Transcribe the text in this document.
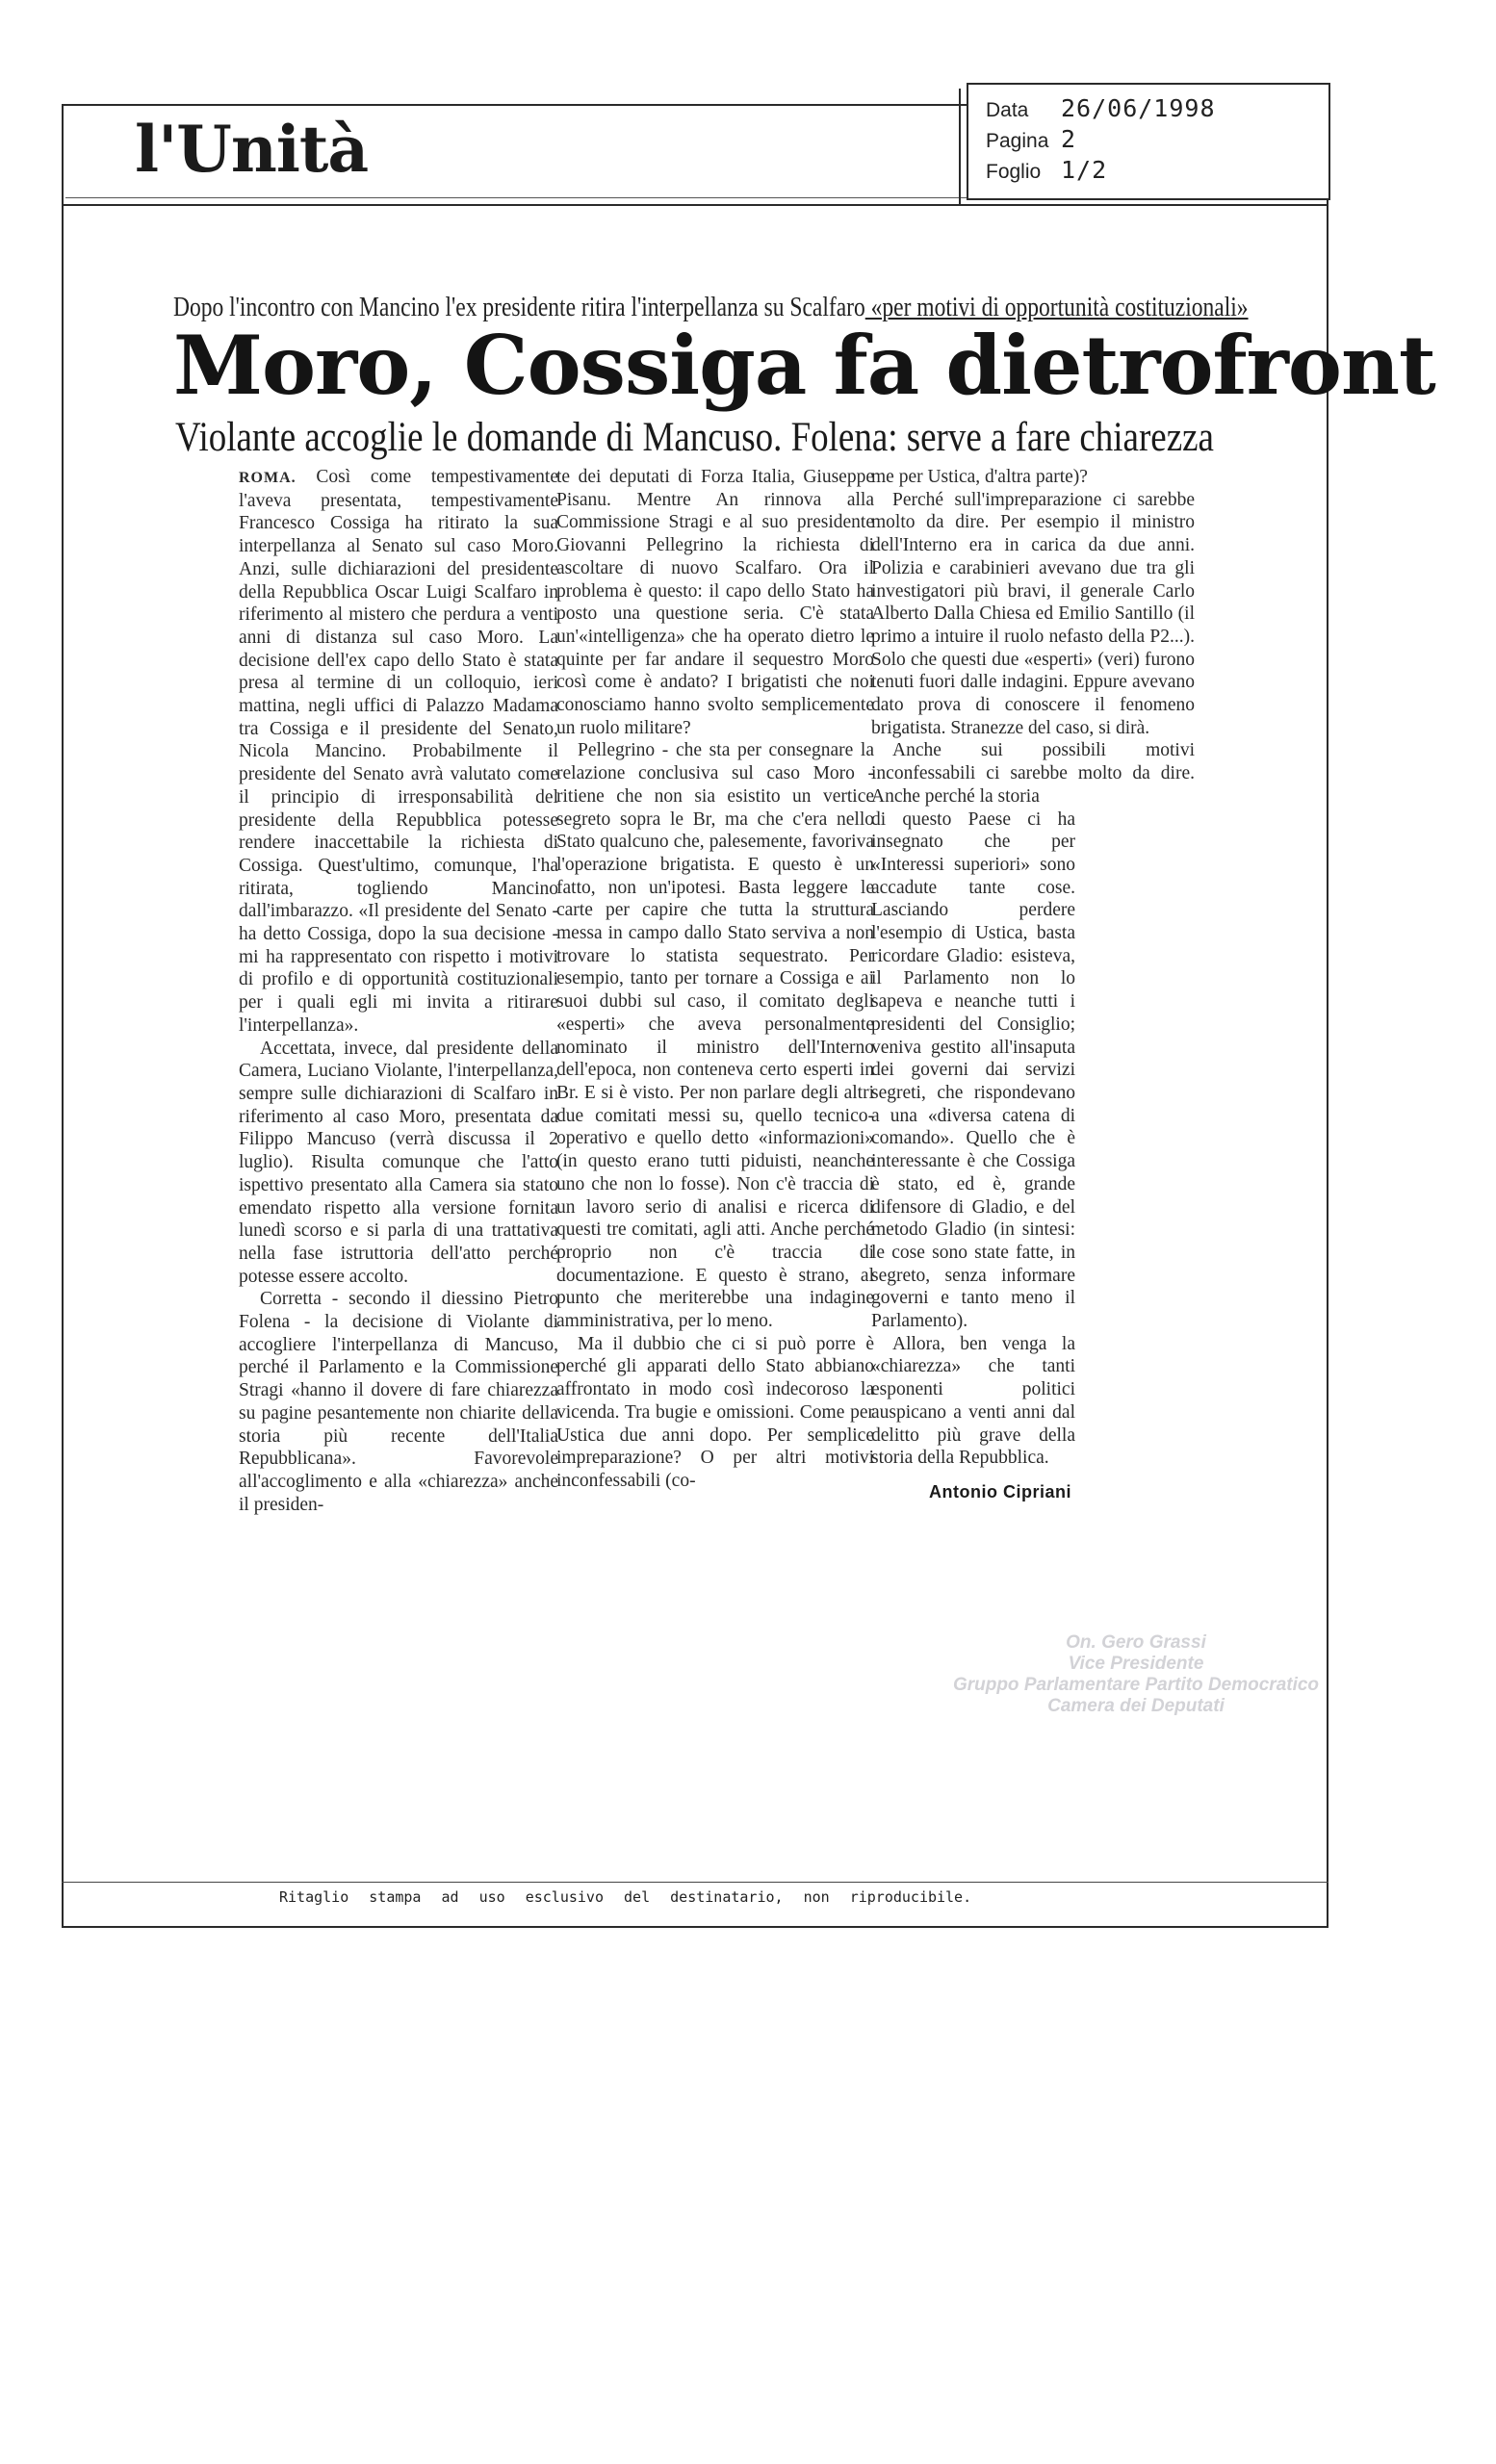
l'Unità
Data 26/06/1998
Pagina 2
Foglio 1/2
Dopo l'incontro con Mancino l'ex presidente ritira l'interpellanza su Scalfaro «per motivi di opportunità costituzionali»
Moro, Cossiga fa dietrofront
Violante accoglie le domande di Mancuso. Folena: serve a fare chiarezza

ROMA. Così come tempestivamente l'aveva presentata, tempestivamente Francesco Cossiga ha ritirato la sua interpellanza al Senato sul caso Moro. Anzi, sulle dichiarazioni del presidente della Repubblica Oscar Luigi Scalfaro in riferimento al mistero che perdura a venti anni di distanza sul caso Moro. La decisione dell'ex capo dello Stato è stata presa al termine di un colloquio, ieri mattina, negli uffici di Palazzo Madama tra Cossiga e il presidente del Senato, Nicola Mancino. Probabilmente il presidente del Senato avrà valutato come il principio di irresponsabilità del presidente della Repubblica potesse rendere inaccettabile la richiesta di Cossiga. Quest'ultimo, comunque, l'ha ritirata, togliendo Mancino dall'imbarazzo. «Il presidente del Senato - ha detto Cossiga, dopo la sua decisione - mi ha rappresentato con rispetto i motivi di profilo e di opportunità costituzionali per i quali egli mi invita a ritirare l'interpellanza».

Accettata, invece, dal presidente della Camera, Luciano Violante, l'interpellanza, sempre sulle dichiarazioni di Scalfaro in riferimento al caso Moro, presentata da Filippo Mancuso (verrà discussa il 2 luglio). Risulta comunque che l'atto ispettivo presentato alla Camera sia stato emendato rispetto alla versione fornita lunedì scorso e si parla di una trattativa nella fase istruttoria dell'atto perché potesse essere accolto.

Corretta - secondo il diessino Pietro Folena - la decisione di Violante di accogliere l'interpellanza di Mancuso, perché il Parlamento e la Commissione Stragi «hanno il dovere di fare chiarezza su pagine pesantemente non chiarite della storia più recente dell'Italia Repubblicana». Favorevole all'accoglimento e alla «chiarezza» anche il presiden-

te dei deputati di Forza Italia, Giuseppe Pisanu. Mentre An rinnova alla Commissione Stragi e al suo presidente Giovanni Pellegrino la richiesta di ascoltare di nuovo Scalfaro. Ora il problema è questo: il capo dello Stato ha posto una questione seria. C'è stata un'«intelligenza» che ha operato dietro le quinte per far andare il sequestro Moro così come è andato? I brigatisti che noi conosciamo hanno svolto semplicemente un ruolo militare?

Pellegrino - che sta per consegnare la relazione conclusiva sul caso Moro - ritiene che non sia esistito un vertice segreto sopra le Br, ma che c'era nello Stato qualcuno che, palesemente, favoriva l'operazione brigatista. E questo è un fatto, non un'ipotesi. Basta leggere le carte per capire che tutta la struttura messa in campo dallo Stato serviva a non trovare lo statista sequestrato. Per esempio, tanto per tornare a Cossiga e ai suoi dubbi sul caso, il comitato degli «esperti» che aveva personalmente nominato il ministro dell'Interno dell'epoca, non conteneva certo esperti in Br. E si è visto. Per non parlare degli altri due comitati messi su, quello tecnico-operativo e quello detto «informazioni» (in questo erano tutti piduisti, neanche uno che non lo fosse). Non c'è traccia di un lavoro serio di analisi e ricerca di questi tre comitati, agli atti. Anche perché proprio non c'è traccia di documentazione. E questo è strano, al punto che meriterebbe una indagine amministrativa, per lo meno.

Ma il dubbio che ci si può porre è perché gli apparati dello Stato abbiano affrontato in modo così indecoroso la vicenda. Tra bugie e omissioni. Come per Ustica due anni dopo. Per semplice impreparazione? O per altri motivi inconfessabili (co-

me per Ustica, d'altra parte)?

Perché sull'impreparazione ci sarebbe molto da dire. Per esempio il ministro dell'Interno era in carica da due anni. Polizia e carabinieri avevano due tra gli investigatori più bravi, il generale Carlo Alberto Dalla Chiesa ed Emilio Santillo (il primo a intuire il ruolo nefasto della P2...). Solo che questi due «esperti» (veri) furono tenuti fuori dalle indagini. Eppure avevano dato prova di conoscere il fenomeno brigatista. Stranezze del caso, si dirà.

Anche sui possibili motivi inconfessabili ci sarebbe molto da dire. Anche perché la storia

di questo Paese ci ha insegnato che per «Interessi superiori» sono accadute tante cose. Lasciando perdere l'esempio di Ustica, basta ricordare Gladio: esisteva, il Parlamento non lo sapeva e neanche tutti i presidenti del Consiglio; veniva gestito all'insaputa dei governi dai servizi segreti, che rispondevano a una «diversa catena di comando». Quello che è interessante è che Cossiga è stato, ed è, grande difensore di Gladio, e del metodo Gladio (in sintesi: le cose sono state fatte, in segreto, senza informare governi e tanto meno il Parlamento).

Allora, ben venga la «chiarezza» che tanti esponenti politici auspicano a venti anni dal delitto più grave della storia della Repubblica.

Antonio Cipriani
On. Gero Grassi
Vice Presidente
Gruppo Parlamentare Partito Democratico
Camera dei Deputati
Ritaglio stampa ad uso esclusivo del destinatario, non riproducibile.
